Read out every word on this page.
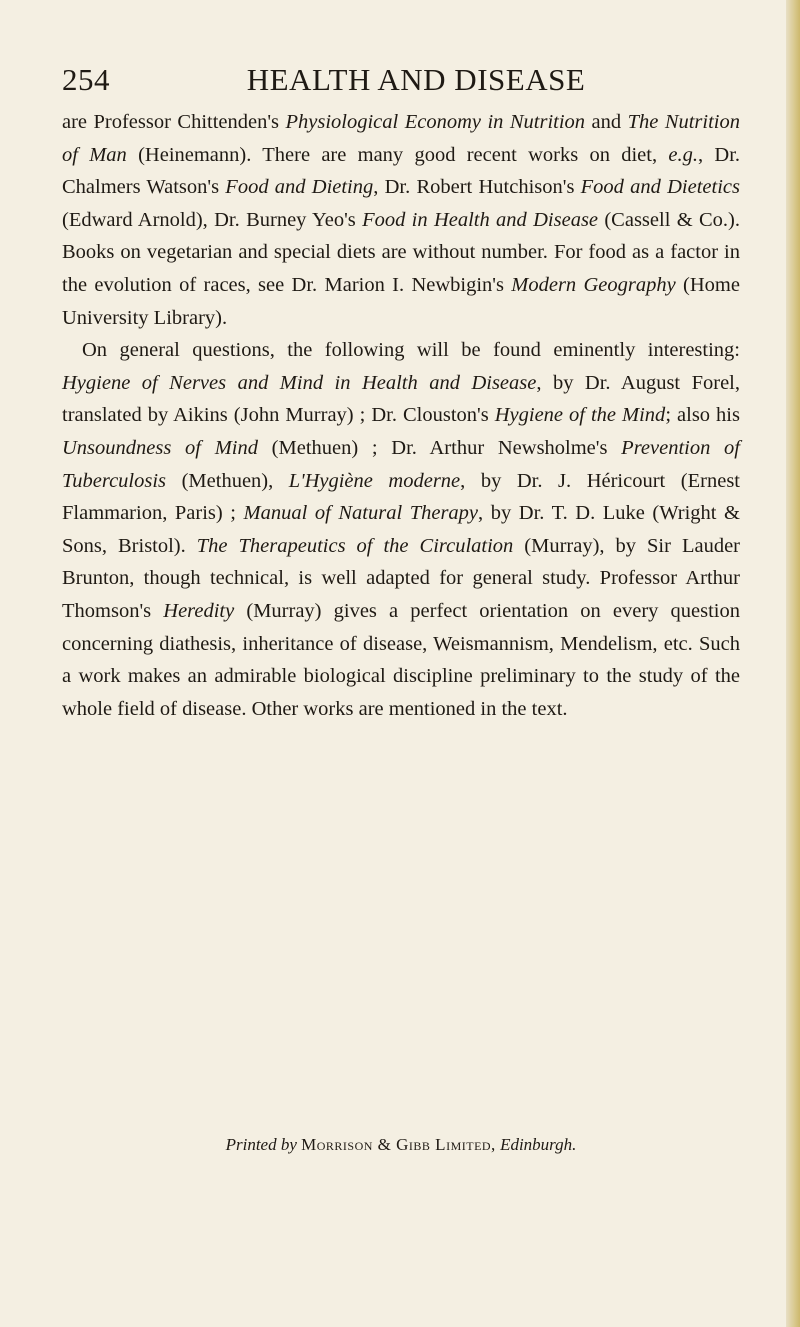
254	HEALTH AND DISEASE

are Professor Chittenden's Physiological Economy in Nutrition and The Nutrition of Man (Heinemann). There are many good recent works on diet, e.g., Dr. Chalmers Watson's Food and Dieting, Dr. Robert Hutchison's Food and Dietetics (Edward Arnold), Dr. Burney Yeo's Food in Health and Disease (Cassell & Co.). Books on vegetarian and special diets are without number. For food as a factor in the evolution of races, see Dr. Marion I. Newbigin's Modern Geography (Home University Library).

On general questions, the following will be found eminently interesting: Hygiene of Nerves and Mind in Health and Disease, by Dr. August Forel, translated by Aikins (John Murray) ; Dr. Clouston's Hygiene of the Mind; also his Unsoundness of Mind (Methuen) ; Dr. Arthur Newsholme's Prevention of Tuberculosis (Methuen), L'Hygiène moderne, by Dr. J. Héricourt (Ernest Flammarion, Paris) ; Manual of Natural Therapy, by Dr. T. D. Luke (Wright & Sons, Bristol). The Therapeutics of the Circulation (Murray), by Sir Lauder Brunton, though technical, is well adapted for general study. Professor Arthur Thomson's Heredity (Murray) gives a perfect orientation on every question concerning diathesis, inheritance of disease, Weismannism, Mendelism, etc. Such a work makes an admirable biological discipline preliminary to the study of the whole field of disease. Other works are mentioned in the text.

Printed by Morrison & Gibb Limited, Edinburgh.
